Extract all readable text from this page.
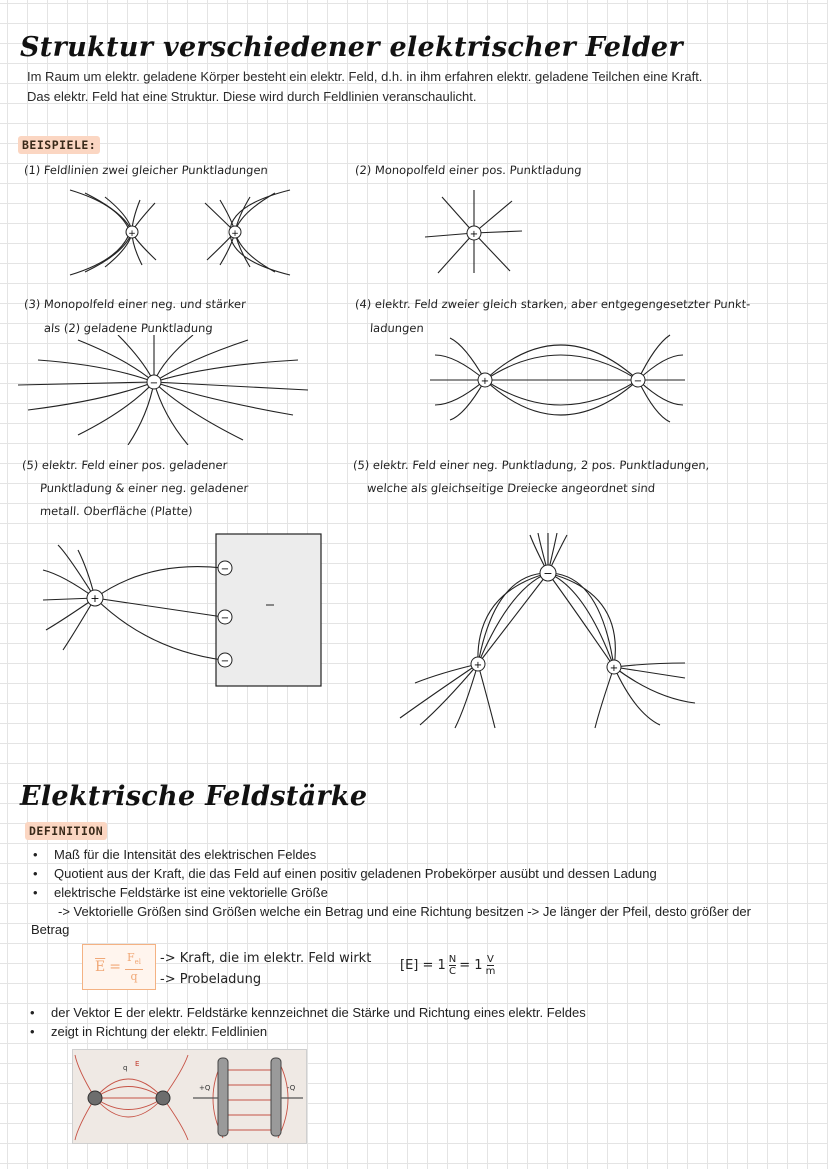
Struktur verschiedener elektrischer Felder
Im Raum um elektr. geladene Körper besteht ein elektr. Feld, d.h. in ihm erfahren elektr. geladene Teilchen eine Kraft.
Das elektr. Feld hat eine Struktur. Diese wird durch Feldlinien veranschaulicht.
BEISPIELE:
(1) Feldlinien zwei gleicher Punktladungen	(2) Monopolfeld einer pos. Punktladung
(3) Monopolfeld einer neg. und stärker
als (2) geladene Punktladung
(4) elektr. Feld zweier gleich starken, aber entgegengesetzter Punkt-
ladungen
(5) elektr. Feld einer pos. geladener
Punktladung & einer neg. geladener
metall. Oberfläche (Platte)
(5) elektr. Feld einer neg. Punktladung, 2 pos. Punktladungen,
welche als gleichseitige Dreiecke angeordnet sind
+	+	+
−	+	−
+
−
−
−
−
+	+
Elektrische Feldstärke
DEFINITION
• Maß für die Intensität des elektrischen Feldes
• Quotient aus der Kraft, die das Feld auf einen positiv geladenen Probekörper ausübt und dessen Ladung
• elektrische Feldstärke ist eine vektorielle Größe
-> Vektorielle Größen sind Größen welche ein Betrag und eine Richtung besitzen -> Je länger der Pfeil, desto größer der
Betrag
$\overline{E}$ =
$F_{el}$
q
-> Kraft, die im elektr. Feld wirkt
-> Probeladung
$[E] = 1 \frac{N}{C} = 1$ V
m
• der Vektor E der elektr. Feldstärke kennzeichnet die Stärke und Richtung eines elektr. Feldes
• zeigt in Richtung der elektr. Feldlinien
+Q	-Q
q E
